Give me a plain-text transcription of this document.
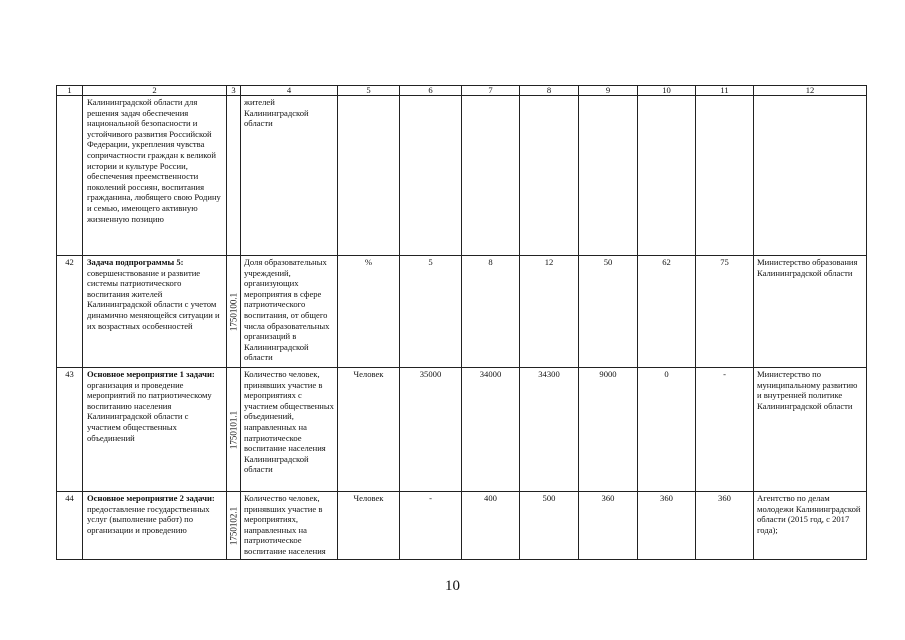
1	2	3	4	5	6	7	8	9	10	11	12
	Калининградской области для решения задач обеспечения национальной безопасности и устойчивого развития Российской Федерации, укрепления чувства сопричастности граждан к великой истории и культуре России, обеспечения преемственности поколений россиян, воспитания гражданина, любящего свою Родину и семью, имеющего активную жизненную позицию		жителей Калининградской области								
42	Задача подпрограммы 5: совершенствование и развитие системы патриотического воспитания жителей Калининградской области с учетом динамично меняющейся ситуации и их возрастных особенностей	1750100.1	Доля образовательных учреждений, организующих мероприятия в сфере патриотического воспитания, от общего числа образовательных организаций в Калининградской области	%	5	8	12	50	62	75	Министерство образования Калининградской области
43	Основное мероприятие 1 задачи: организация и проведение мероприятий по патриотическому воспитанию населения Калининградской области с участием общественных объединений	1750101.1	Количество человек, принявших участие в мероприятиях с участием общественных объединений, направленных на патриотическое воспитание населения Калининградской области	Человек	35000	34000	34300	9000	0	-	Министерство по муниципальному развитию и внутренней политике Калининградской области
44	Основное мероприятие 2 задачи: предоставление государственных услуг (выполнение работ) по организации и проведению	1750102.1	Количество человек, принявших участие в мероприятиях, направленных на патриотическое воспитание населения	Человек	-	400	500	360	360	360	Агентство по делам молодежи Калининградской области (2015 год, с 2017 года);
10
